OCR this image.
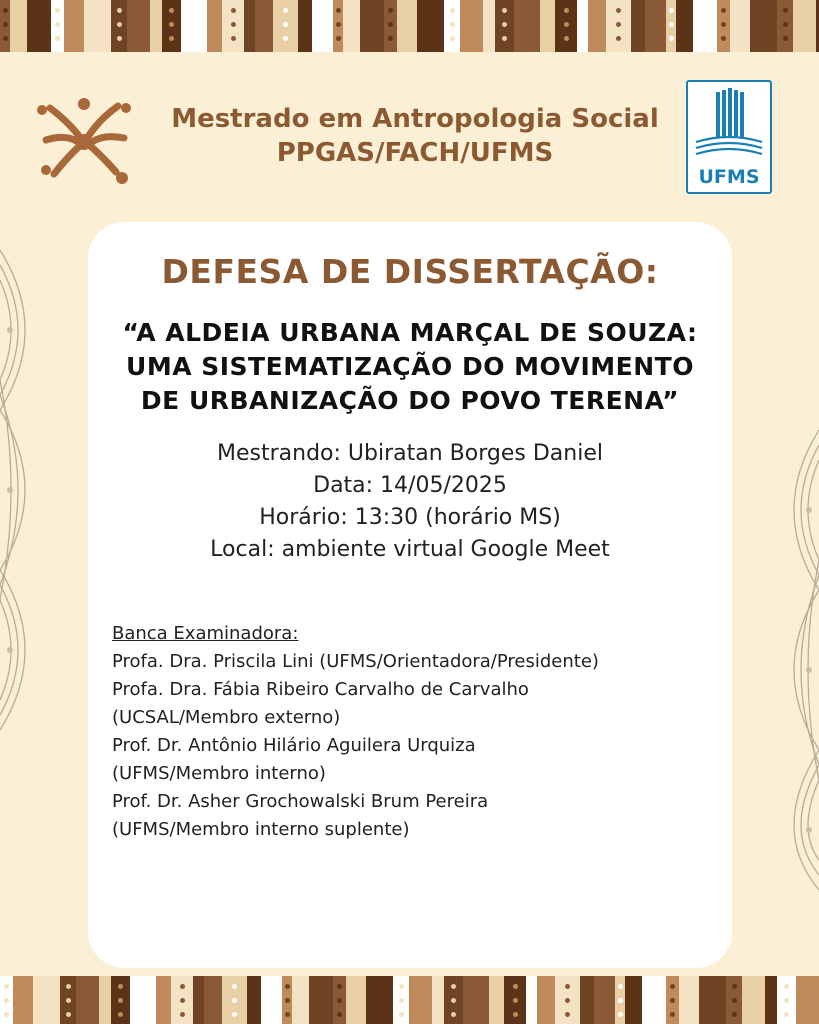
Mestrado em Antropologia Social
PPGAS/FACH/UFMS
UFMS
DEFESA DE DISSERTAÇÃO:
“A ALDEIA URBANA MARÇAL DE SOUZA:
UMA SISTEMATIZAÇÃO DO MOVIMENTO
DE URBANIZAÇÃO DO POVO TERENA”
Mestrando: Ubiratan Borges Daniel
Data: 14/05/2025
Horário: 13:30 (horário MS)
Local: ambiente virtual Google Meet
Banca Examinadora:
Profa. Dra. Priscila Lini (UFMS/Orientadora/Presidente)
Profa. Dra. Fábia Ribeiro Carvalho de Carvalho
(UCSAL/Membro externo)
Prof. Dr. Antônio Hilário Aguilera Urquiza
(UFMS/Membro interno)
Prof. Dr. Asher Grochowalski Brum Pereira
(UFMS/Membro interno suplente)
